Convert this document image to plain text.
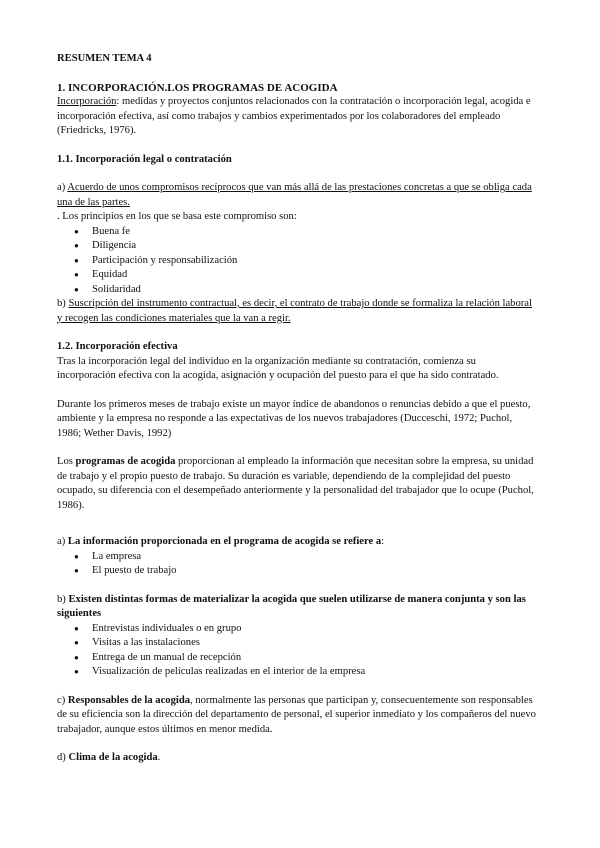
RESUMEN TEMA 4

1. INCORPORACIÓN.LOS PROGRAMAS DE ACOGIDA

Incorporación: medidas y proyectos conjuntos relacionados con la contratación o incorporación legal, acogida e incorporación efectiva, así como trabajos y cambios experimentados por los colaboradores del empleado (Friedricks, 1976).

1.1. Incorporación legal o contratación

a) Acuerdo de unos compromisos recíprocos que van más allá de las prestaciones concretas a que se obliga cada una de las partes.

. Los principios en los que se basa este compromiso son:

● Buena fe
● Diligencia
● Participación y responsabilización
● Equidad
● Solidaridad

b) Suscripción del instrumento contractual, es decir, el contrato de trabajo donde se formaliza la relación laboral y recogen las condiciones materiales que la van a regir.

1.2. Incorporación efectiva

Tras la incorporación legal del individuo en la organización mediante su contratación, comienza su incorporación efectiva con la acogida, asignación y ocupación del puesto para el que ha sido contratado.

Durante los primeros meses de trabajo existe un mayor índice de abandonos o renuncias debido a que el puesto, ambiente y la empresa no responde a las expectativas de los nuevos trabajadores (Ducceschi, 1972; Puchol, 1986; Wether Davis, 1992)

Los programas de acogida proporcionan al empleado la información que necesitan sobre la empresa, su unidad de trabajo y el propio puesto de trabajo. Su duración es variable, dependiendo de la complejidad del puesto ocupado, su diferencia con el desempeñado anteriormente y la personalidad del trabajador que lo ocupe (Puchol, 1986).

a) La información proporcionada en el programa de acogida se refiere a:

● La empresa
● El puesto de trabajo

b) Existen distintas formas de materializar la acogida que suelen utilizarse de manera conjunta y son las siguientes

● Entrevistas individuales o en grupo
● Visitas a las instalaciones
● Entrega de un manual de recepción
● Visualización de películas realizadas en el interior de la empresa

c) Responsables de la acogida, normalmente las personas que participan y, consecuentemente son responsables de su eficiencia son la dirección del departamento de personal, el superior inmediato y los compañeros del nuevo trabajador, aunque estos últimos en menor medida.

d) Clima de la acogida.
